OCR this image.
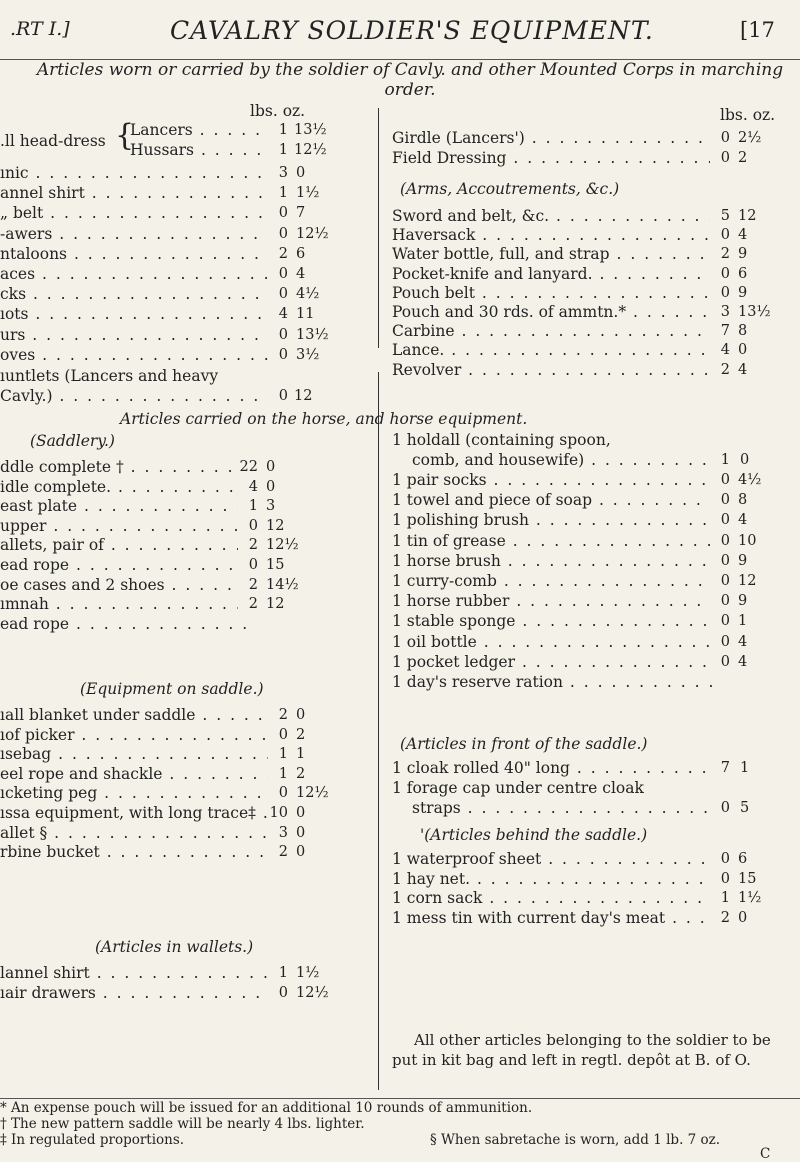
.RT I.]	CAVALRY SOLDIER'S EQUIPMENT.	[17
Articles worn or carried by the soldier of Cavly. and other Mounted Corps in marching order.
lbs. oz.	lbs. oz.
.ll head-dress {
Lancers . . .	1 13½
Hussars . . .	1 12½
ınic . . .	3 0
annel shirt . . .	1 1½
„ belt . . .	0 7
-awers . . .	0 12½
ntaloons . . .	2 6
aces . . .	0 4
cks . . .	0 4½
ıots . . .	4 11
urs . . .	0 13½
oves . . .	0 3½
ıuntlets (Lancers and heavy
Cavly.) . . .	0 12
Girdle (Lancers') . . .	0 2½
Field Dressing . . .	0 2
(Arms, Accoutrements, &c.)
Sword and belt, &c. . . .	5 12
Haversack . . .	0 4
Water bottle, full, and strap . . .	2 9
Pocket-knife and lanyard. . . .	0 6
Pouch belt . . .	0 9
Pouch and 30 rds. of ammtn.* . . .	3 13½
Carbine . . .	7 8
Lance. . . .	4 0
Revolver . . .	2 4
Articles carried on the horse, and horse equipment.
(Saddlery.)
ddle complete † . . .	22 0
idle complete. . . .	4 0
east plate . . .	1 3
upper . . .	0 12
allets, pair of . . .	2 12½
ead rope . . .	0 15
oe cases and 2 shoes . . .	2 14½
ımnah . . .	2 12
ead rope . . .
(Equipment on saddle.)
ıall blanket under saddle . . .	2 0
ıof picker . . .	0 2
ısebag . . .	1 1
eel rope and shackle . . .	1 2
ıcketing peg . . .	0 12½
ıssa equipment, with long trace‡ . . . 10 0
allet § . . .	3 0
rbine bucket . . .	2 0
(Articles in wallets.)
lannel shirt . . .	1 1½
ıair drawers . . .	0 12½
1 holdall (containing spoon,
comb, and housewife) . . .	1 0
1 pair socks . . .	0 4½
1 towel and piece of soap . . .	0 8
1 polishing brush . . .	0 4
1 tin of grease . . .	0 10
1 horse brush . . .	0 9
1 curry-comb . . .	0 12
1 horse rubber . . .	0 9
1 stable sponge . . .	0 1
1 oil bottle . . .	0 4
1 pocket ledger . . .	0 4
1 day's reserve ration . . .
(Articles in front of the saddle.)
1 cloak rolled 40" long . . .	7 1
1 forage cap under centre cloak
straps . . .	0 5
'(Articles behind the saddle.)
1 waterproof sheet . . .	0 6
1 hay net. . . .	0 15
1 corn sack . . .	1 1½
1 mess tin with current day's meat . . .	2 0
All other articles belonging to the soldier to be put in kit bag and left in regtl. depôt at B. of O.
* An expense pouch will be issued for an additional 10 rounds of ammunition.
† The new pattern saddle will be nearly 4 lbs. lighter.
‡ In regulated proportions.	§ When sabretache is worn, add 1 lb. 7 oz.
C
